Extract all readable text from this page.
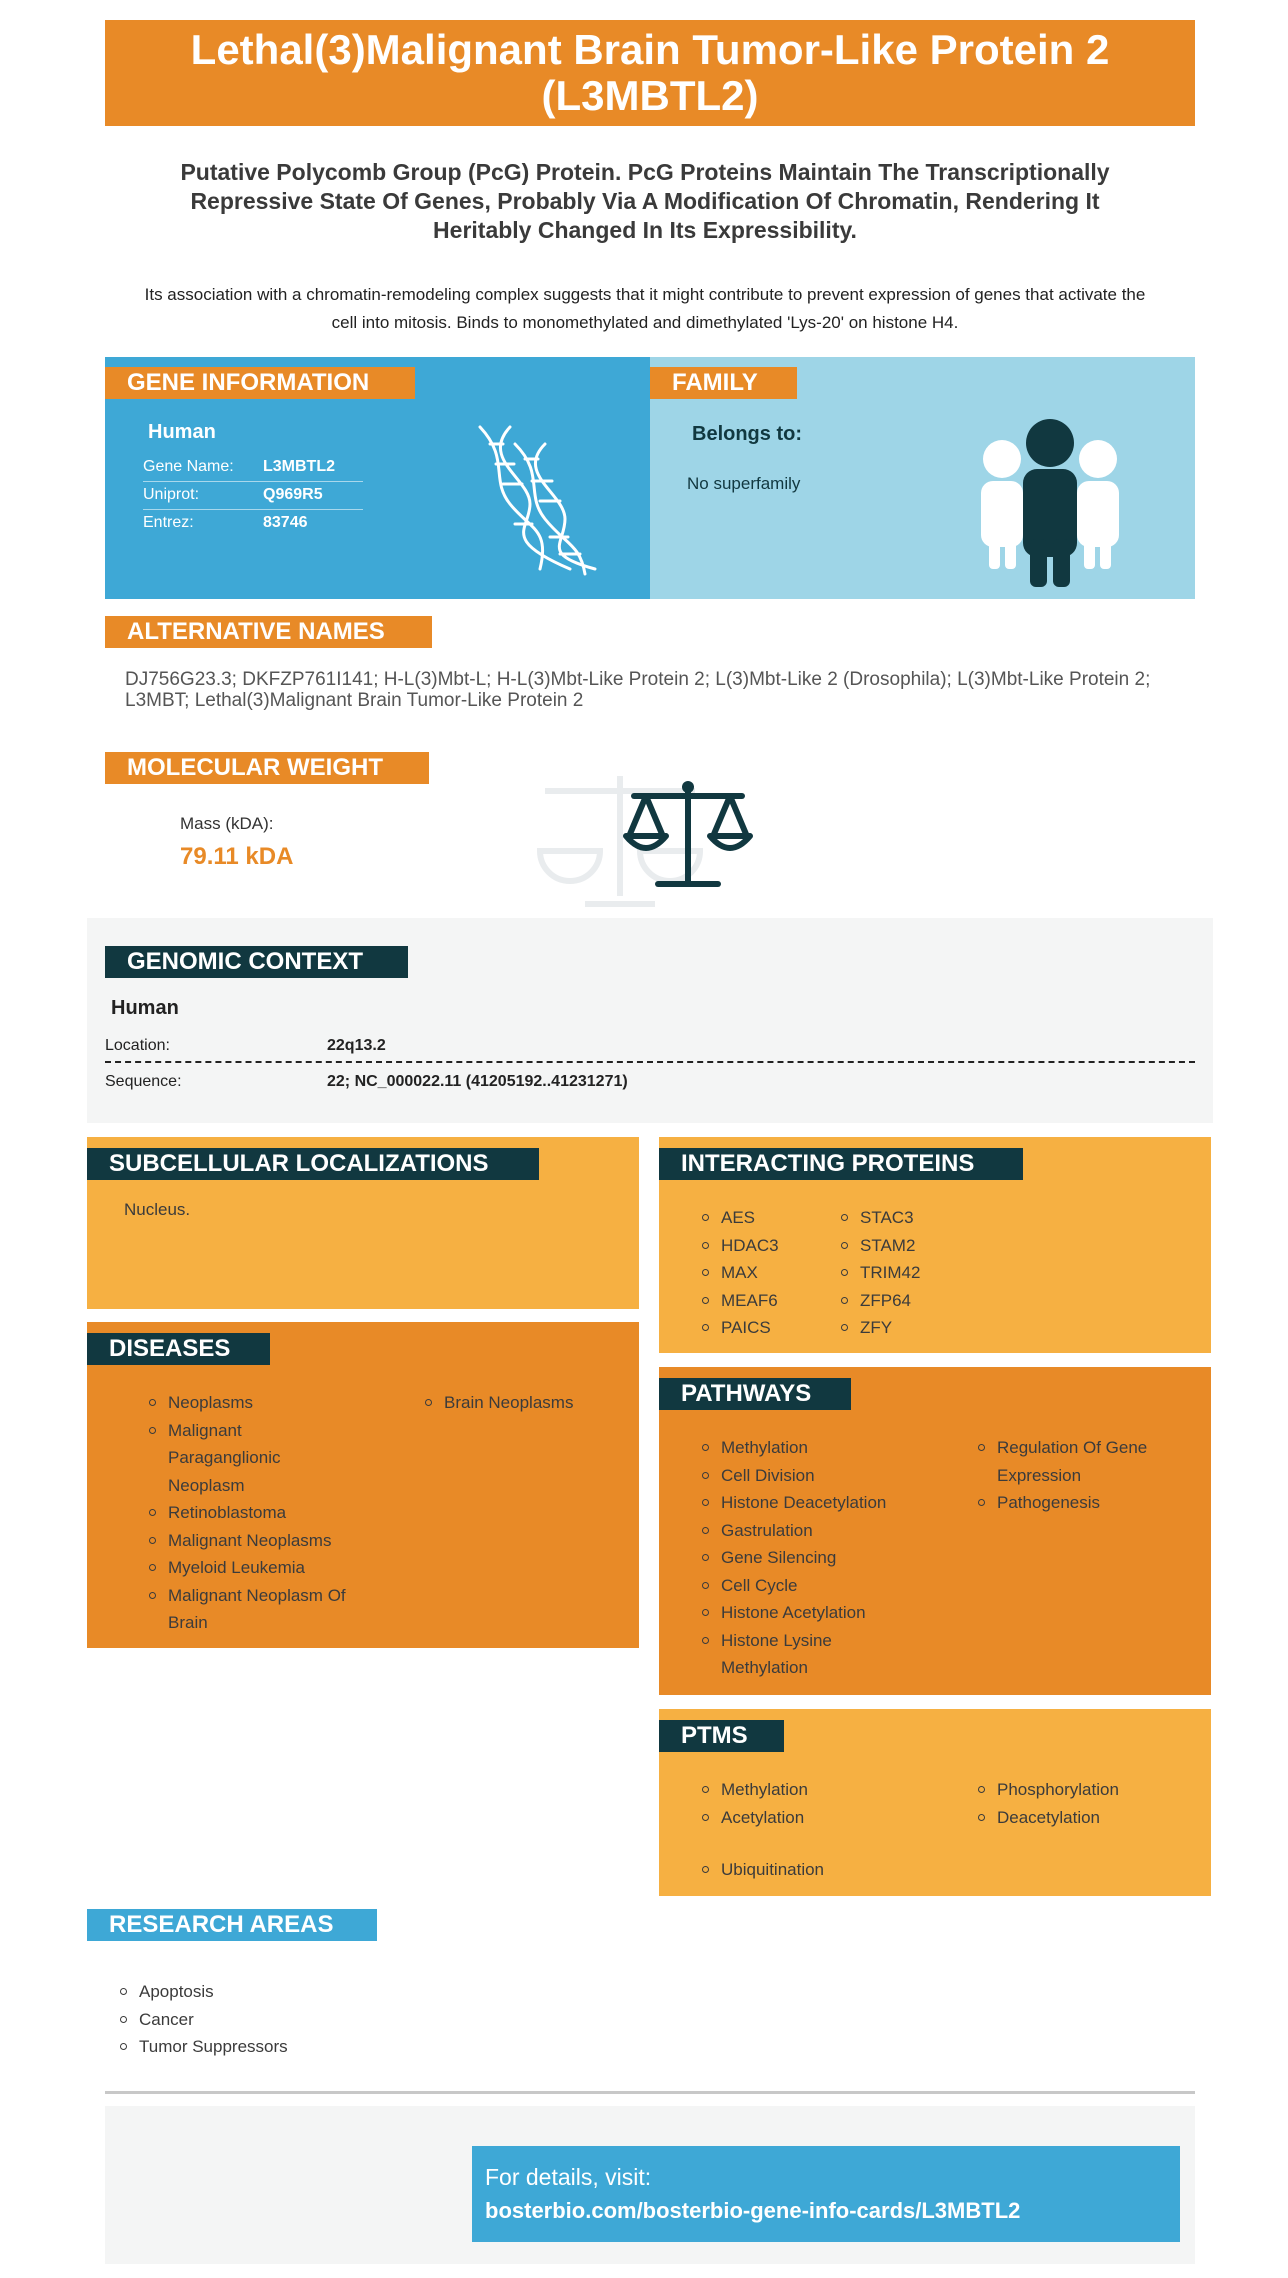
Lethal(3)Malignant Brain Tumor-Like Protein 2 (L3MBTL2)
Putative Polycomb Group (PcG) Protein. PcG Proteins Maintain The Transcriptionally Repressive State Of Genes, Probably Via A Modification Of Chromatin, Rendering It Heritably Changed In Its Expressibility.
Its association with a chromatin-remodeling complex suggests that it might contribute to prevent expression of genes that activate the cell into mitosis. Binds to monomethylated and dimethylated 'Lys-20' on histone H4.
GENE INFORMATION
Human
Gene Name:	L3MBTL2
Uniprot:	Q969R5
Entrez:	83746
FAMILY
Belongs to:
No superfamily
ALTERNATIVE NAMES
DJ756G23.3; DKFZP761I141; H-L(3)Mbt-L; H-L(3)Mbt-Like Protein 2; L(3)Mbt-Like 2 (Drosophila); L(3)Mbt-Like Protein 2; L3MBT; Lethal(3)Malignant Brain Tumor-Like Protein 2
MOLECULAR WEIGHT
Mass (kDA):
79.11 kDA
GENOMIC CONTEXT
Human
Location:	22q13.2
Sequence:	22; NC_000022.11 (41205192..41231271)
SUBCELLULAR LOCALIZATIONS
Nucleus.
DISEASES
Neoplasms
Malignant Paraganglionic Neoplasm
Retinoblastoma
Malignant Neoplasms
Myeloid Leukemia
Malignant Neoplasm Of Brain
Brain Neoplasms
INTERACTING PROTEINS
AES
HDAC3
MAX
MEAF6
PAICS
STAC3
STAM2
TRIM42
ZFP64
ZFY
PATHWAYS
Methylation
Cell Division
Histone Deacetylation
Gastrulation
Gene Silencing
Cell Cycle
Histone Acetylation
Histone Lysine Methylation
Regulation Of Gene Expression
Pathogenesis
PTMS
Methylation
Acetylation
Phosphorylation
Deacetylation
Ubiquitination
RESEARCH AREAS
Apoptosis
Cancer
Tumor Suppressors
For details, visit:
bosterbio.com/bosterbio-gene-info-cards/L3MBTL2
